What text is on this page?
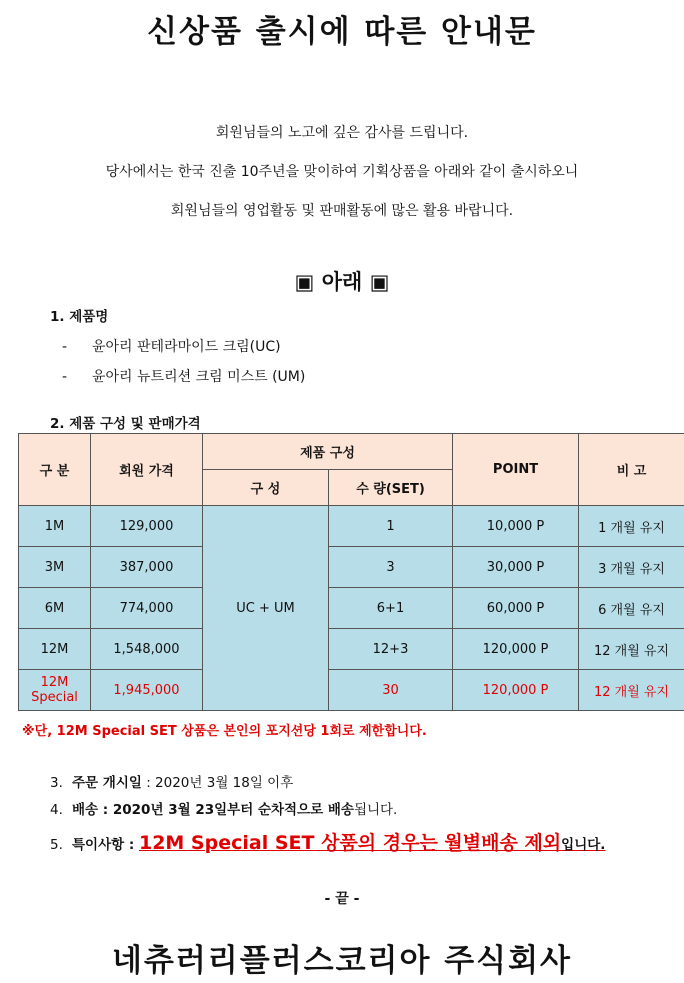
신상품 출시에 따른 안내문
회원님들의 노고에 깊은 감사를 드립니다.
당사에서는 한국 진출 10주년을 맞이하여 기획상품을 아래와 같이 출시하오니
회원님들의 영업활동 및 판매활동에 많은 활용 바랍니다.
▣ 아래 ▣
1. 제품명
- 윤아리 판테라마이드 크림(UC)
- 윤아리 뉴트리션 크림 미스트 (UM)
2. 제품 구성 및 판매가격
구 분	회원 가격	제품 구성		POINT	비 고
		구 성	수 량(SET)		
1M	129,000	UC + UM	1	10,000 P	1 개월 유지
3M	387,000		3	30,000 P	3 개월 유지
6M	774,000		6+1	60,000 P	6 개월 유지
12M	1,548,000		12+3	120,000 P	12 개월 유지
12M Special	1,945,000		30	120,000 P	12 개월 유지
※단, 12M Special SET 상품은 본인의 포지션당 1회로 제한합니다.
3. 주문 개시일 : 2020년 3월 18일 이후
4. 배송 : 2020년 3월 23일부터 순차적으로 배송됩니다.
5. 특이사항 : 12M Special SET 상품의 경우는 월별배송 제외입니다.
- 끝 -
네츄러리플러스코리아 주식회사
